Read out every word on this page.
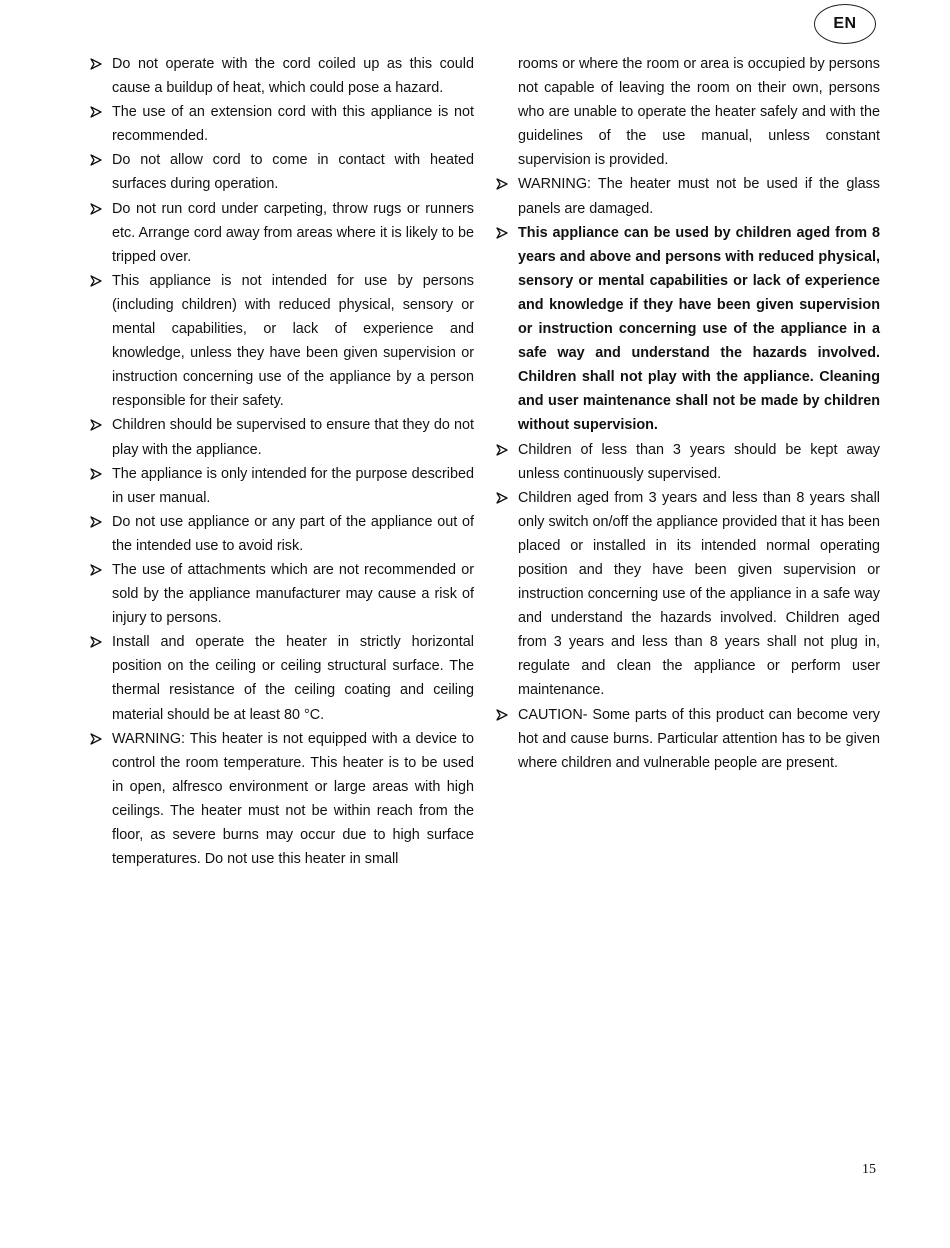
EN
Do not operate with the cord coiled up as this could cause a buildup of heat, which could pose a hazard.
The use of an extension cord with this appliance is not recommended.
Do not allow cord to come in contact with heated surfaces during operation.
Do not run cord under carpeting, throw rugs or runners etc. Arrange cord away from areas where it is likely to be tripped over.
This appliance is not intended for use by persons (including children) with reduced physical, sensory or mental capabilities, or lack of experience and knowledge, unless they have been given supervision or instruction concerning use of the appliance by a person responsible for their safety.
Children should be supervised to ensure that they do not play with the appliance.
The appliance is only intended for the purpose described in user manual.
Do not use appliance or any part of the appliance out of the intended use to avoid risk.
The use of attachments which are not recommended or sold by the appliance manufacturer may cause a risk of injury to persons.
Install and operate the heater in strictly horizontal position on the ceiling or ceiling structural surface. The thermal resistance of the ceiling coating and ceiling material should be at least 80 °C.
WARNING: This heater is not equipped with a device to control the room temperature. This heater is to be used in open, alfresco environment or large areas with high ceilings. The heater must not be within reach from the floor, as severe burns may occur due to high surface temperatures. Do not use this heater in small
rooms or where the room or area is occupied by persons not capable of leaving the room on their own, persons who are unable to operate the heater safely and with the guidelines of the use manual, unless constant supervision is provided.
WARNING: The heater must not be used if the glass panels are damaged.
This appliance can be used by children aged from 8 years and above and persons with reduced physical, sensory or mental capabilities or lack of experience and knowledge if they have been given supervision or instruction concerning use of the appliance in a safe way and understand the hazards involved. Children shall not play with the appliance. Cleaning and user maintenance shall not be made by children without supervision.
Children of less than 3 years should be kept away unless continuously supervised.
Children aged from 3 years and less than 8 years shall only switch on/off the appliance provided that it has been placed or installed in its intended normal operating position and they have been given supervision or instruction concerning use of the appliance in a safe way and understand the hazards involved. Children aged from 3 years and less than 8 years shall not plug in, regulate and clean the appliance or perform user maintenance.
CAUTION- Some parts of this product can become very hot and cause burns. Particular attention has to be given where children and vulnerable people are present.
15
